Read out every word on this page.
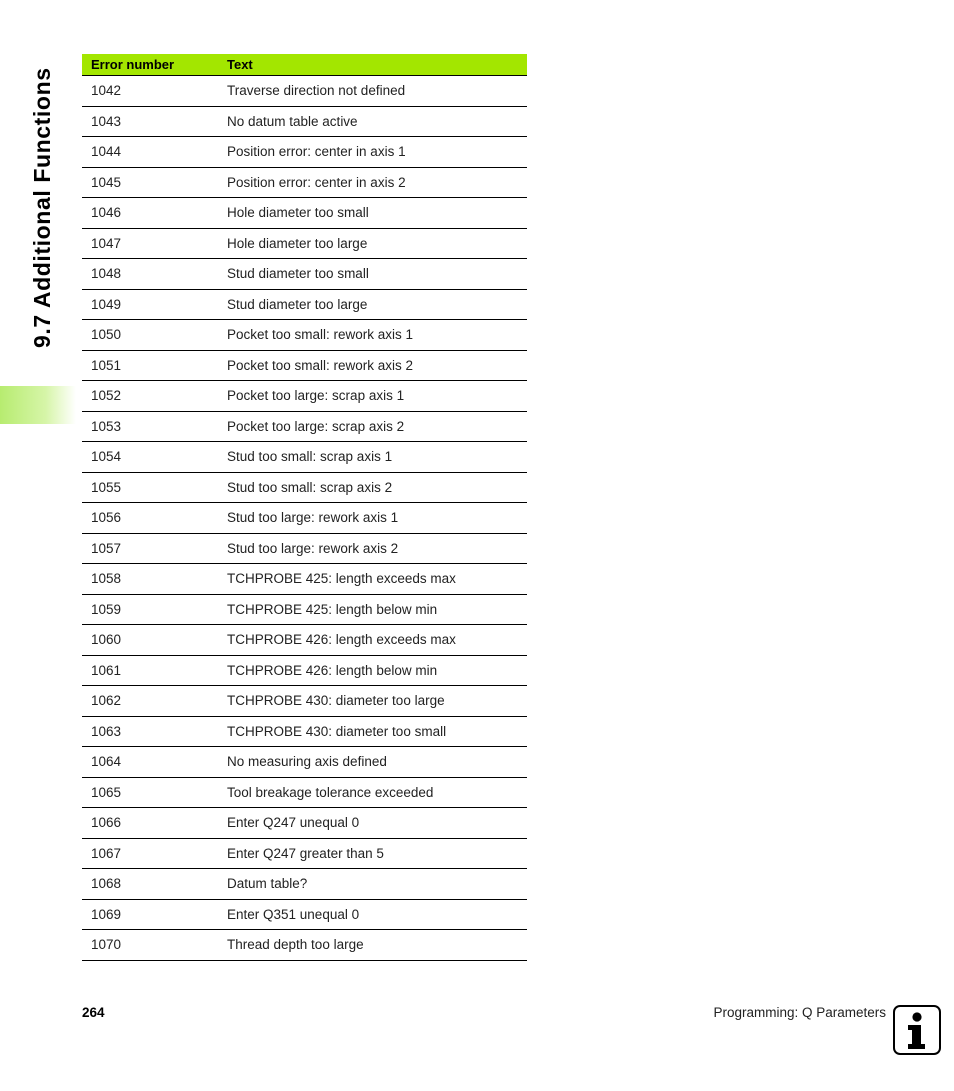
9.7 Additional Functions
Error number	Text
1042	Traverse direction not defined
1043	No datum table active
1044	Position error: center in axis 1
1045	Position error: center in axis 2
1046	Hole diameter too small
1047	Hole diameter too large
1048	Stud diameter too small
1049	Stud diameter too large
1050	Pocket too small: rework axis 1
1051	Pocket too small: rework axis 2
1052	Pocket too large: scrap axis 1
1053	Pocket too large: scrap axis 2
1054	Stud too small: scrap axis 1
1055	Stud too small: scrap axis 2
1056	Stud too large: rework axis 1
1057	Stud too large: rework axis 2
1058	TCHPROBE 425: length exceeds max
1059	TCHPROBE 425: length below min
1060	TCHPROBE 426: length exceeds max
1061	TCHPROBE 426: length below min
1062	TCHPROBE 430: diameter too large
1063	TCHPROBE 430: diameter too small
1064	No measuring axis defined
1065	Tool breakage tolerance exceeded
1066	Enter Q247 unequal 0
1067	Enter Q247 greater than 5
1068	Datum table?
1069	Enter Q351 unequal 0
1070	Thread depth too large
264	Programming: Q Parameters
